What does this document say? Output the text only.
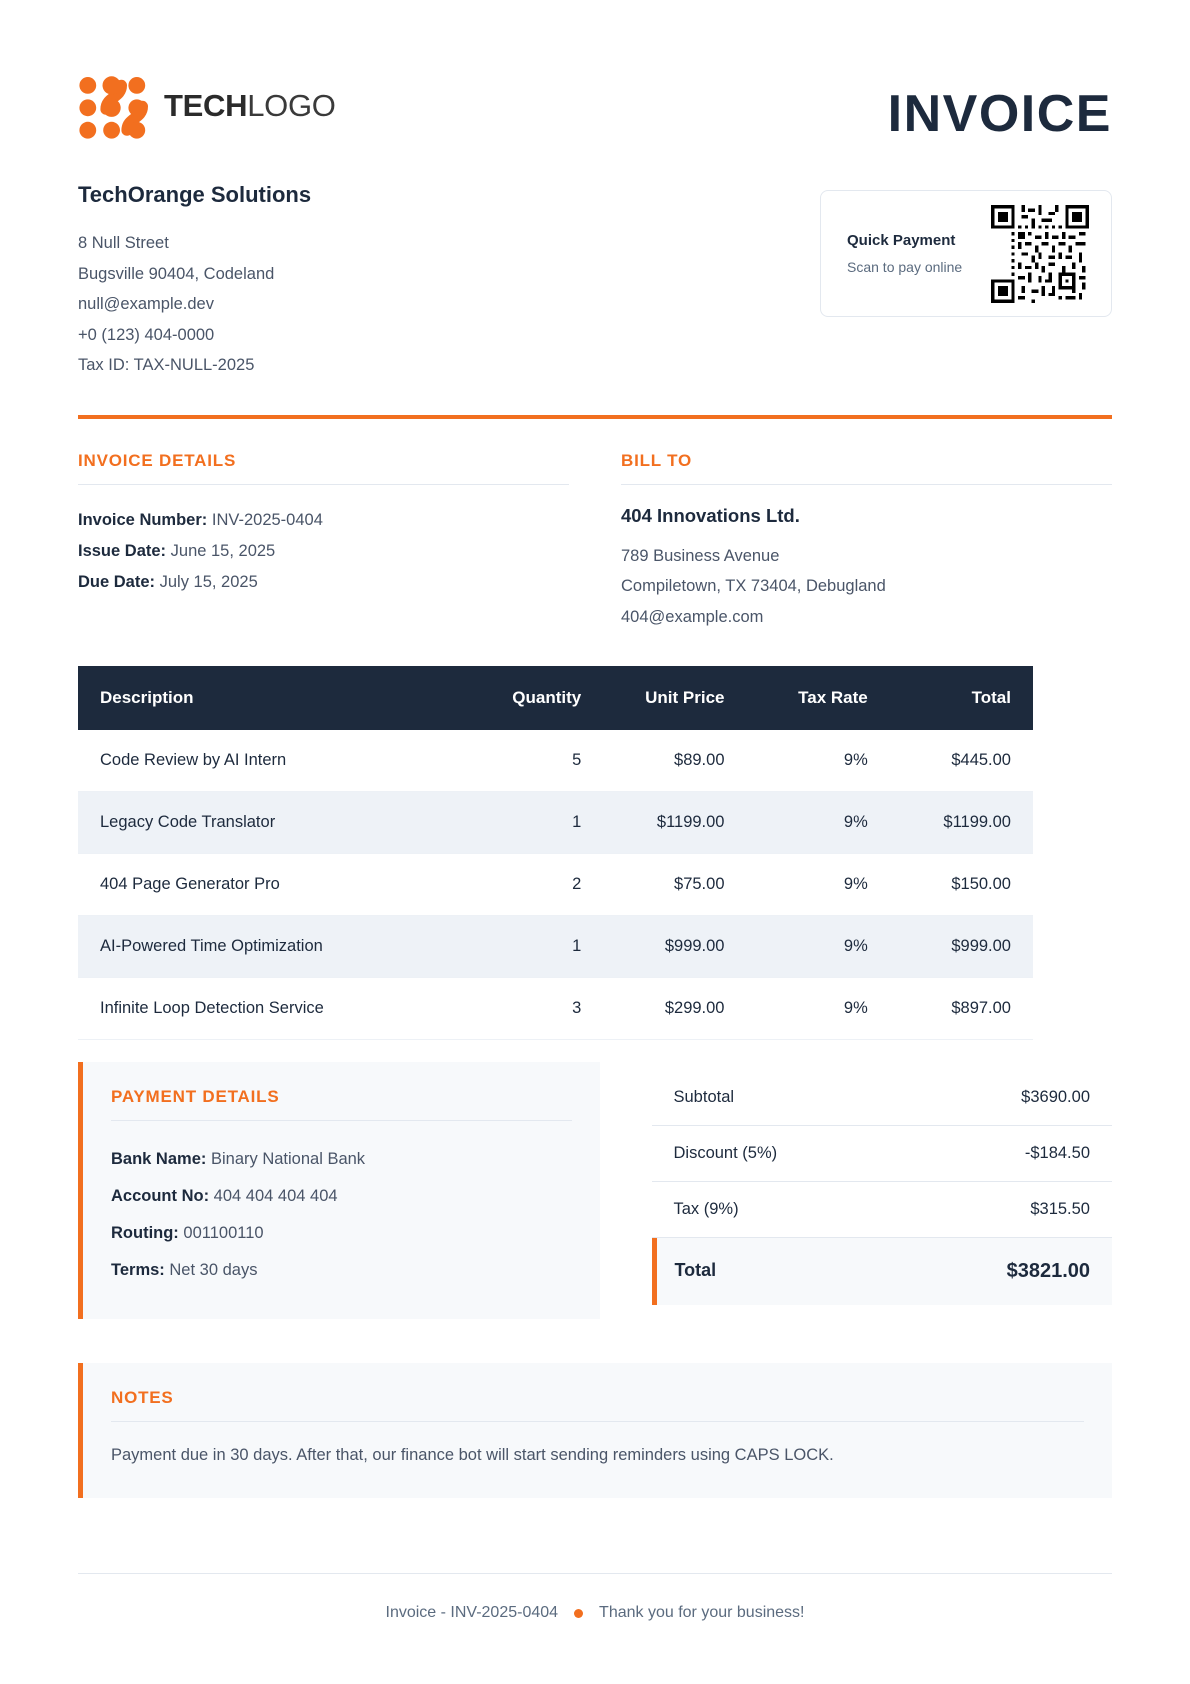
TECHLOGO	INVOICE
TechOrange Solutions
8 Null Street
Bugsville 90404, Codeland
null@example.dev
+0 (123) 404-0000
Tax ID: TAX-NULL-2025
Quick Payment
Scan to pay online
INVOICE DETAILS
Invoice Number: INV-2025-0404
Issue Date: June 15, 2025
Due Date: July 15, 2025
BILL TO
404 Innovations Ltd.
789 Business Avenue
Compiletown, TX 73404, Debugland
404@example.com
Description	Quantity	Unit Price	Tax Rate	Total
Code Review by AI Intern	5	$89.00	9%	$445.00
Legacy Code Translator	1	$1199.00	9%	$1199.00
404 Page Generator Pro	2	$75.00	9%	$150.00
AI-Powered Time Optimization	1	$999.00	9%	$999.00
Infinite Loop Detection Service	3	$299.00	9%	$897.00
PAYMENT DETAILS
Bank Name: Binary National Bank
Account No: 404 404 404 404
Routing: 001100110
Terms: Net 30 days
Subtotal	$3690.00
Discount (5%)	-$184.50
Tax (9%)	$315.50
Total	$3821.00
NOTES
Payment due in 30 days. After that, our finance bot will start sending reminders using CAPS LOCK.
Invoice - INV-2025-0404	Thank you for your business!
